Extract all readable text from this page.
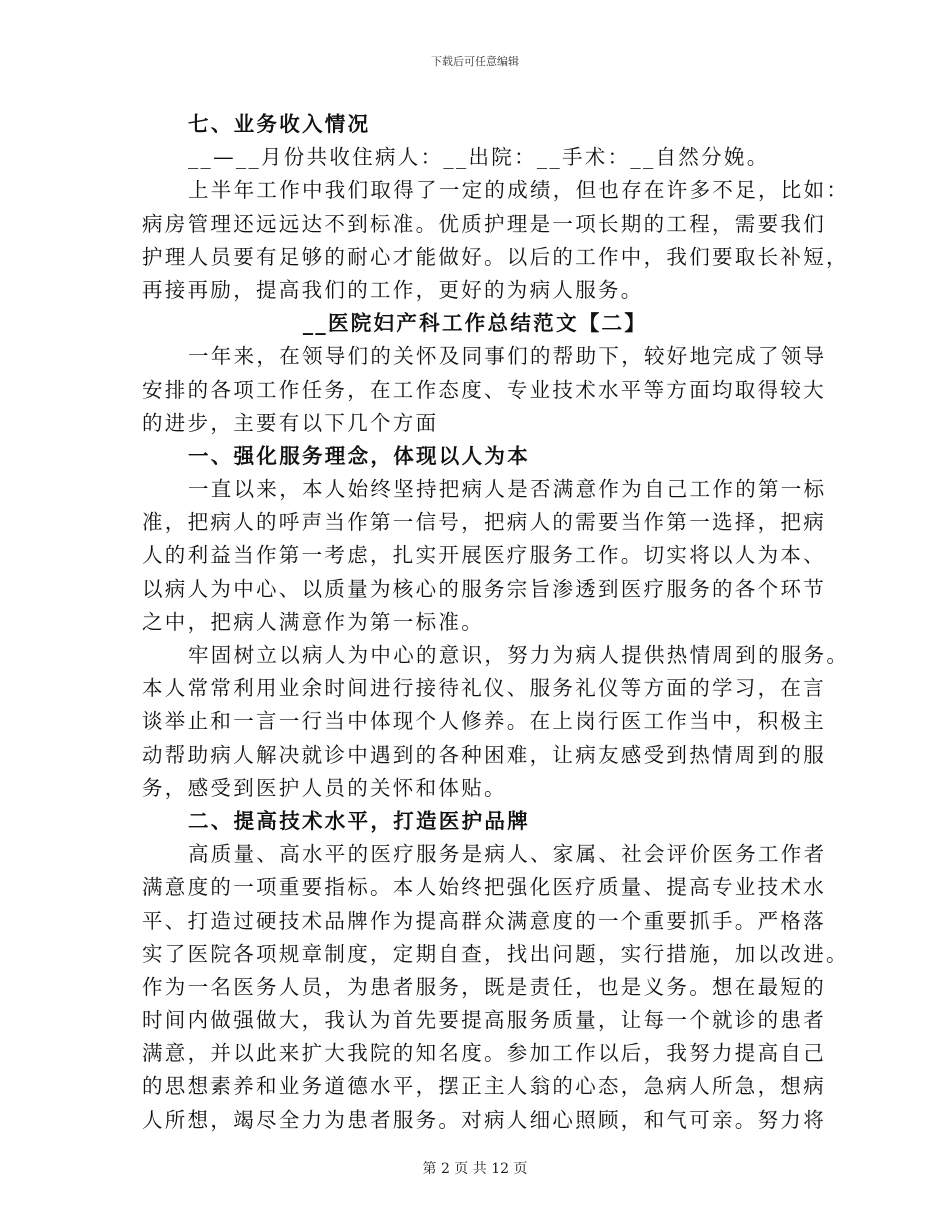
下载后可任意编辑
七、业务收入情况
__—__月份共收住病人：__出院：__手术：__自然分娩。
上半年工作中我们取得了一定的成绩，但也存在许多不足，比如：
病房管理还远远达不到标准。优质护理是一项长期的工程，需要我们
护理人员要有足够的耐心才能做好。以后的工作中，我们要取长补短，
再接再励，提高我们的工作，更好的为病人服务。
__医院妇产科工作总结范文【二】
一年来，在领导们的关怀及同事们的帮助下，较好地完成了领导
安排的各项工作任务，在工作态度、专业技术水平等方面均取得较大
的进步，主要有以下几个方面
一、强化服务理念，体现以人为本
一直以来，本人始终坚持把病人是否满意作为自己工作的第一标
准，把病人的呼声当作第一信号，把病人的需要当作第一选择，把病
人的利益当作第一考虑，扎实开展医疗服务工作。切实将以人为本、
以病人为中心、以质量为核心的服务宗旨渗透到医疗服务的各个环节
之中，把病人满意作为第一标准。
牢固树立以病人为中心的意识，努力为病人提供热情周到的服务。
本人常常利用业余时间进行接待礼仪、服务礼仪等方面的学习，在言
谈举止和一言一行当中体现个人修养。在上岗行医工作当中，积极主
动帮助病人解决就诊中遇到的各种困难，让病友感受到热情周到的服
务，感受到医护人员的关怀和体贴。
二、提高技术水平，打造医护品牌
高质量、高水平的医疗服务是病人、家属、社会评价医务工作者
满意度的一项重要指标。本人始终把强化医疗质量、提高专业技术水
平、打造过硬技术品牌作为提高群众满意度的一个重要抓手。严格落
实了医院各项规章制度，定期自查，找出问题，实行措施，加以改进。
作为一名医务人员，为患者服务，既是责任，也是义务。想在最短的
时间内做强做大，我认为首先要提高服务质量，让每一个就诊的患者
满意，并以此来扩大我院的知名度。参加工作以后，我努力提高自己
的思想素养和业务道德水平，摆正主人翁的心态，急病人所急，想病
人所想，竭尽全力为患者服务。对病人细心照顾，和气可亲。努力将
第 2 页 共 12 页
